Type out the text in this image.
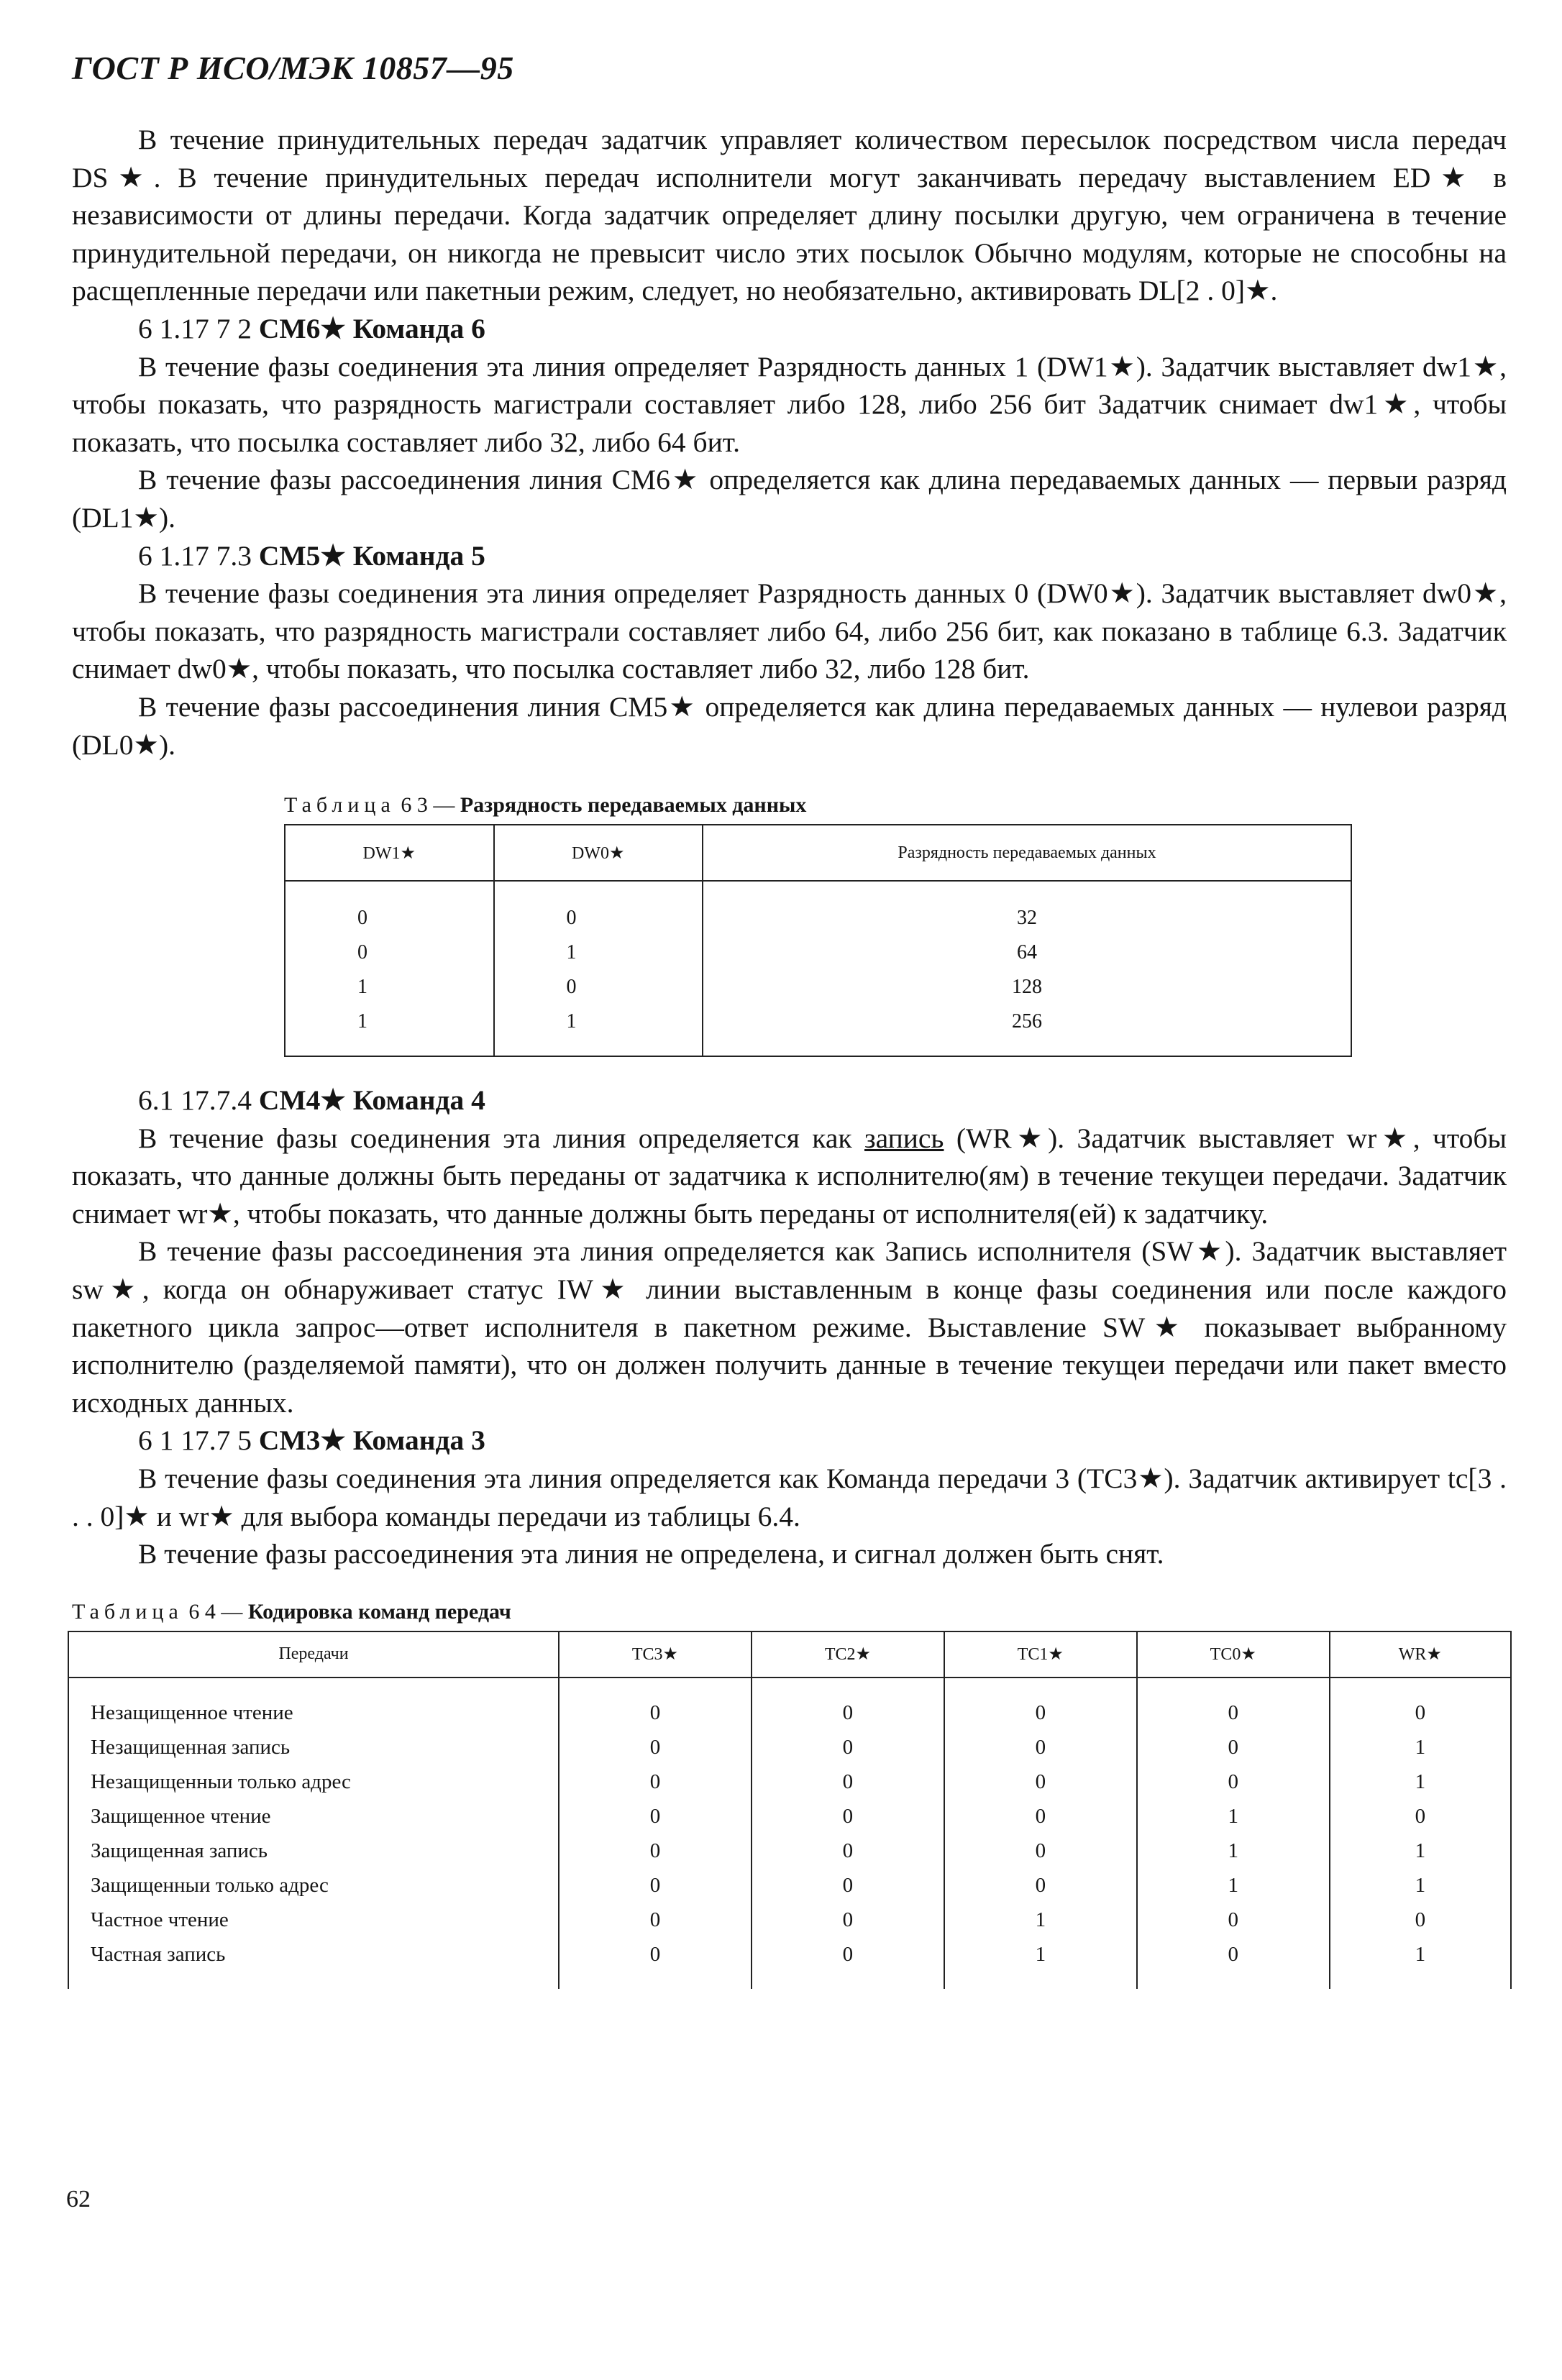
ГОСТ Р ИСО/МЭК 10857—95

В течение принудительных передач задатчик управляет количеством пересылок посредством числа передач DS★. В течение принудительных передач исполнители могут заканчивать передачу выставлением ED★ в независимости от длины передачи. Когда задатчик определяет длину посылки другую, чем ограничена в течение принудительной передачи, он никогда не превысит число этих посылок Обычно модулям, которые не способны на расщепленные передачи или пакетныи режим, следует, но необязательно, активировать DL[2 . 0]★.

6 1.17 7 2 CM6★ Команда 6

В течение фазы соединения эта линия определяет Разрядность данных 1 (DW1★). Задатчик выставляет dw1★, чтобы показать, что разрядность магистрали составляет либо 128, либо 256 бит Задатчик снимает dw1★, чтобы показать, что посылка составляет либо 32, либо 64 бит.

В течение фазы рассоединения линия CM6★ определяется как длина передаваемых данных — первыи разряд (DL1★).

6 1.17 7.3 CM5★ Команда 5

В течение фазы соединения эта линия определяет Разрядность данных 0 (DW0★). Задатчик выставляет dw0★, чтобы показать, что разрядность магистрали составляет либо 64, либо 256 бит, как показано в таблице 6.3. Задатчик снимает dw0★, чтобы показать, что посылка составляет либо 32, либо 128 бит.

В течение фазы рассоединения линия CM5★ определяется как длина передаваемых данных — нулевои разряд (DL0★).

Таблица 6 3 — Разрядность передаваемых данных
DW1★	DW0★	Разрядность передаваемых данных
0	0	32
0	1	64
1	0	128
1	1	256
6.1 17.7.4 CM4★ Команда 4

В течение фазы соединения эта линия определяется как запись (WR★). Задатчик выставляет wr★, чтобы показать, что данные должны быть переданы от задатчика к исполнителю(ям) в течение текущеи передачи. Задатчик снимает wr★, чтобы показать, что данные должны быть переданы от исполнителя(ей) к задатчику.

В течение фазы рассоединения эта линия определяется как Запись исполнителя (SW★). Задатчик выставляет sw★, когда он обнаруживает статус IW★ линии выставленным в конце фазы соединения или после каждого пакетного цикла запрос—ответ исполнителя в пакетном режиме. Выставление SW★ показывает выбранному исполнителю (разделяемой памяти), что он должен получить данные в течение текущеи передачи или пакет вместо исходных данных.

6 1 17.7 5 CM3★ Команда 3

В течение фазы соединения эта линия определяется как Команда передачи 3 (TC3★). Задатчик активирует tc[3 . . . 0]★ и wr★ для выбора команды передачи из таблицы 6.4.

В течение фазы рассоединения эта линия не определена, и сигнал должен быть снят.

Таблица 6 4 — Кодировка команд передач
Передачи	TC3★	TC2★	TC1★	TC0★	WR★
Незащищенное чтение	0	0	0	0	0
Незащищенная запись	0	0	0	0	1
Незащищенныи только адрес	0	0	0	0	1
Защищенное чтение	0	0	0	1	0
Защищенная запись	0	0	0	1	1
Защищенныи только адрес	0	0	0	1	1
Частное чтение	0	0	1	0	0
Частная запись	0	0	1	0	1
62
